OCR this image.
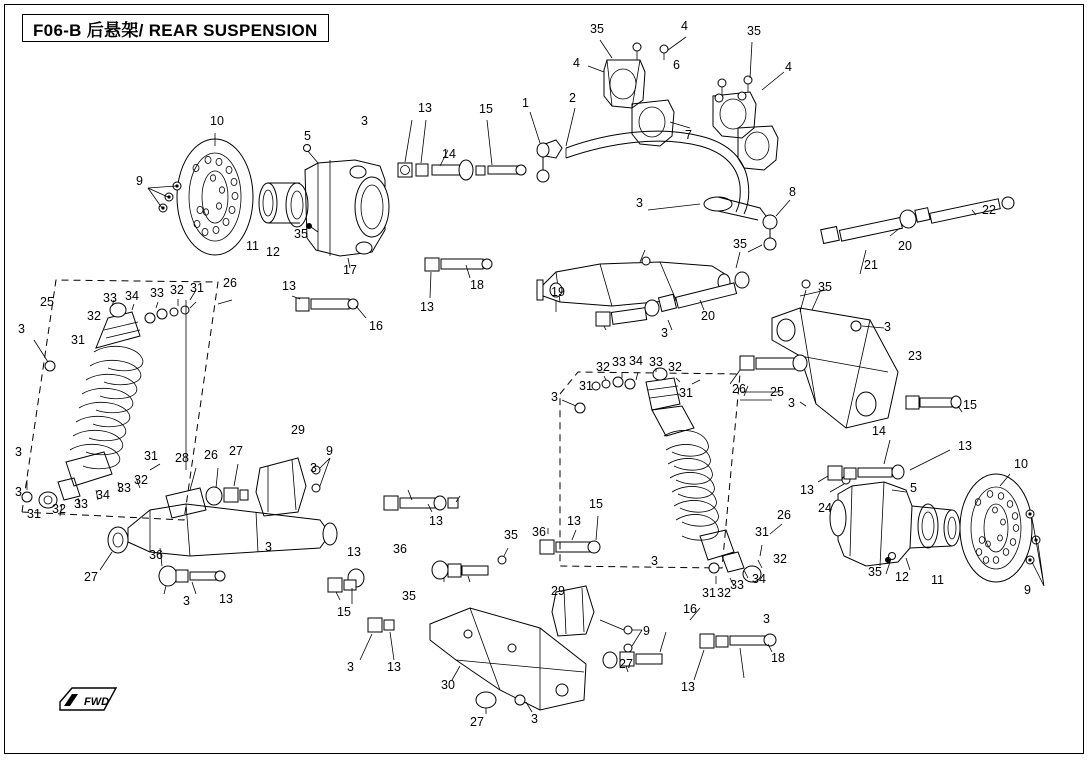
F06-B 后悬架/ REAR SUSPENSION
FWD
35	4	35
4	6	4
7
13	15 1	2
10
5
3
14
8
9
3	22
20
11 12
35
35
21
35
17
18
13
13
26
19
20
33 34 33 32 31
25
32
31
3	3
3
16
23
32 33 34 33 32
31	31	26
3	3	15
14
13
25
10
5
13
24
26
31
32
12 11
35
9
33 34
31 32
3	31	26 27
29
9
28
32
33
33
34
31 32
3
3
36
27
3	13	36
13
15
3 13	35
3	13
30
27	3
35 36
13
15
29
3
16
9
27
13
18
3
